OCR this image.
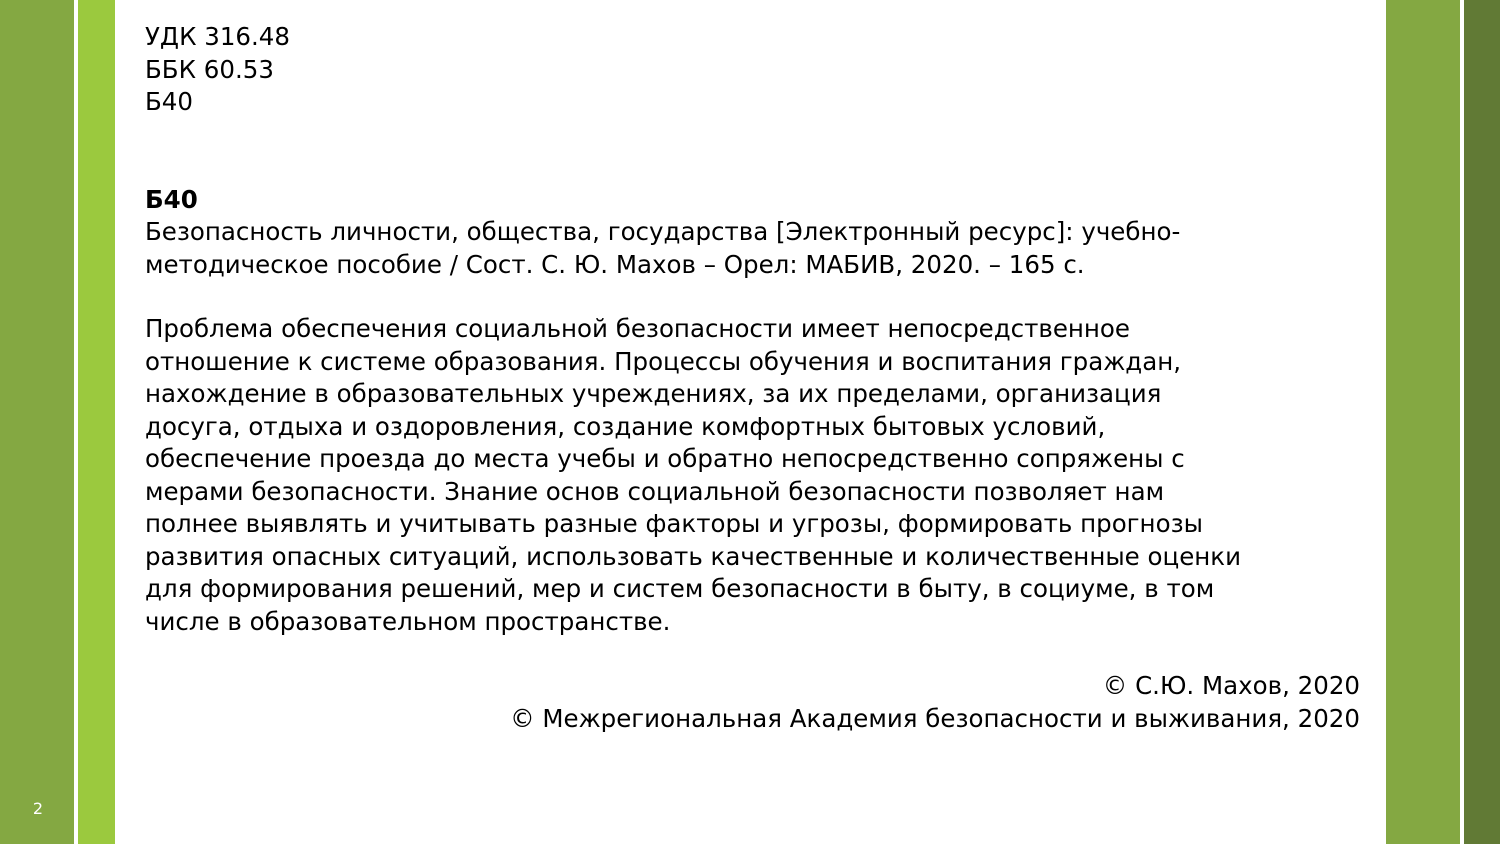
2
УДК 316.48
ББК 60.53
Б40
Б40
Безопасность личности, общества, государства [Электронный ресурс]: учебно-
методическое пособие / Сост. С. Ю. Махов – Орел: МАБИВ, 2020. – 165 с.
Проблема обеспечения социальной безопасности имеет непосредственное
отношение к системе образования. Процессы обучения и воспитания граждан,
нахождение в образовательных учреждениях, за их пределами, организация
досуга, отдыха и оздоровления, создание комфортных бытовых условий,
обеспечение проезда до места учебы и обратно непосредственно сопряжены с
мерами безопасности. Знание основ социальной безопасности позволяет нам
полнее выявлять и учитывать разные факторы и угрозы, формировать прогнозы
развития опасных ситуаций, использовать качественные и количественные оценки
для формирования решений, мер и систем безопасности в быту, в социуме, в том
числе в образовательном пространстве.
© С.Ю. Махов, 2020
© Межрегиональная Академия безопасности и выживания, 2020
